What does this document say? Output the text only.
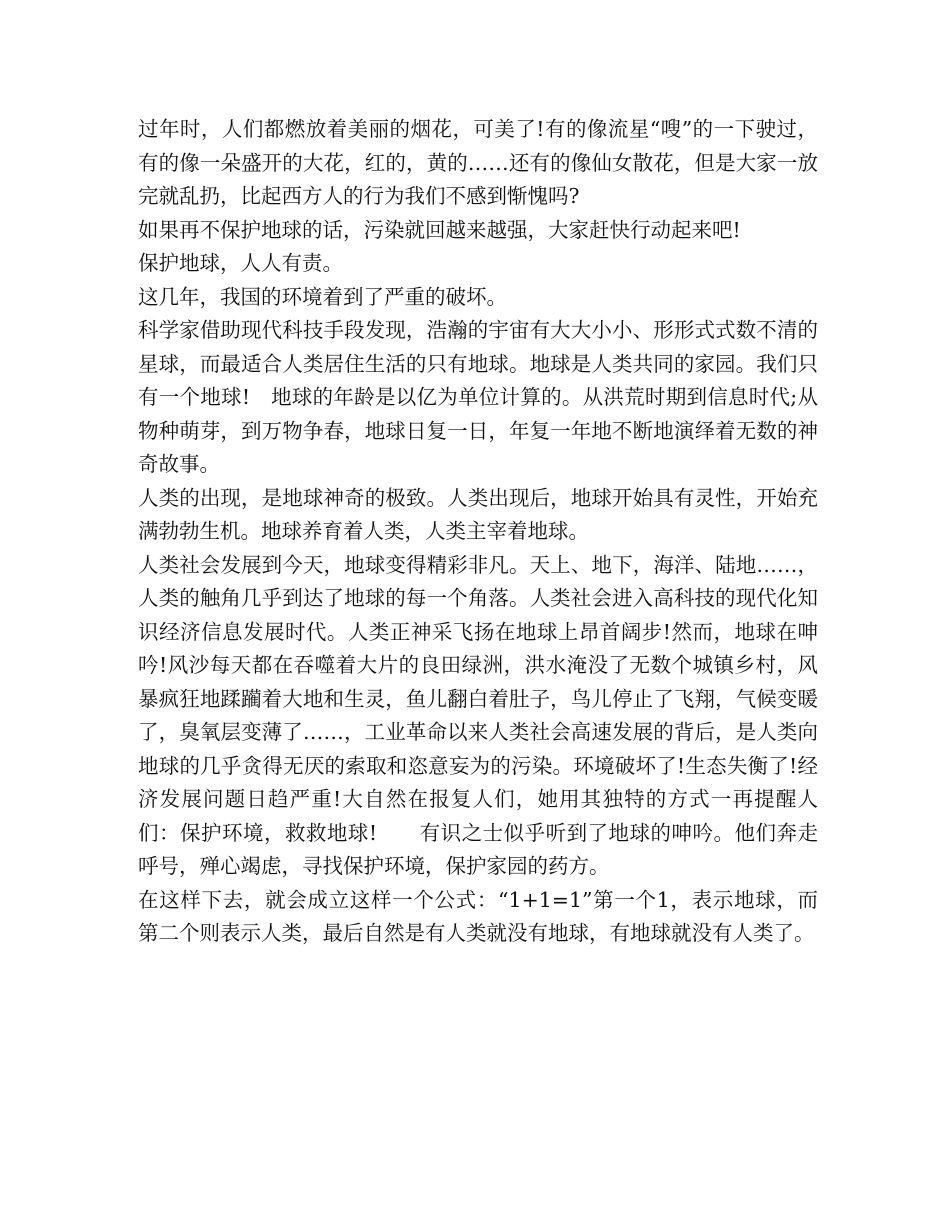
过年时，人们都燃放着美丽的烟花，可美了!有的像流星“嗖”的一下驶过，有的像一朵盛开的大花，红的，黄的……还有的像仙女散花，但是大家一放完就乱扔，比起西方人的行为我们不感到惭愧吗?

如果再不保护地球的话，污染就回越来越强，大家赶快行动起来吧!

保护地球，人人有责。

这几年，我国的环境着到了严重的破坏。

科学家借助现代科技手段发现，浩瀚的宇宙有大大小小、形形式式数不清的星球，而最适合人类居住生活的只有地球。地球是人类共同的家园。我们只有一个地球!　地球的年龄是以亿为单位计算的。从洪荒时期到信息时代;从物种萌芽，到万物争春，地球日复一日，年复一年地不断地演绎着无数的神奇故事。

人类的出现，是地球神奇的极致。人类出现后，地球开始具有灵性，开始充满勃勃生机。地球养育着人类，人类主宰着地球。

人类社会发展到今天，地球变得精彩非凡。天上、地下，海洋、陆地……，人类的触角几乎到达了地球的每一个角落。人类社会进入高科技的现代化知识经济信息发展时代。人类正神采飞扬在地球上昂首阔步!然而，地球在呻吟!风沙每天都在吞噬着大片的良田绿洲，洪水淹没了无数个城镇乡村，风暴疯狂地蹂躏着大地和生灵，鱼儿翻白着肚子，鸟儿停止了飞翔，气候变暖了，臭氧层变薄了……，工业革命以来人类社会高速发展的背后，是人类向地球的几乎贪得无厌的索取和恣意妄为的污染。环境破坏了!生态失衡了!经济发展问题日趋严重!大自然在报复人们，她用其独特的方式一再提醒人们：保护环境，救救地球!　　有识之士似乎听到了地球的呻吟。他们奔走呼号，殚心竭虑，寻找保护环境，保护家园的药方。

在这样下去，就会成立这样一个公式：“1+1=1”第一个1，表示地球，而第二个则表示人类，最后自然是有人类就没有地球，有地球就没有人类了。
